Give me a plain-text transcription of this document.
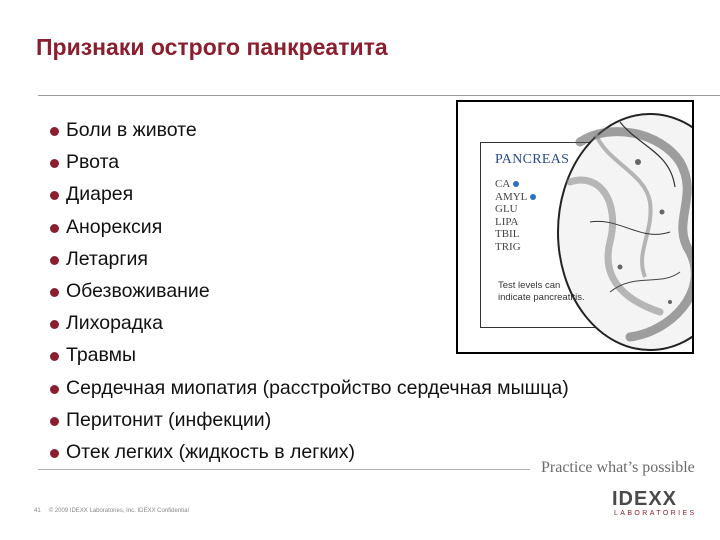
Признаки острого панкреатита
Боли в животе
Рвота
Диарея
Анорексия
Летаргия
Обезвоживание
Лихорадка
Травмы
Сердечная миопатия (расстройство сердечная мышца)
Перитонит (инфекции)
Отек легких (жидкость в легких)
PANCREAS
CA
AMYL
GLU
LIPA
TBIL
TRIG
Test levels can indicate pancreatitis.
Practice what’s possible
IDEXX
LABORATORIES
41 © 2009 IDEXX Laboratories, Inc. IDEXX Confidential
